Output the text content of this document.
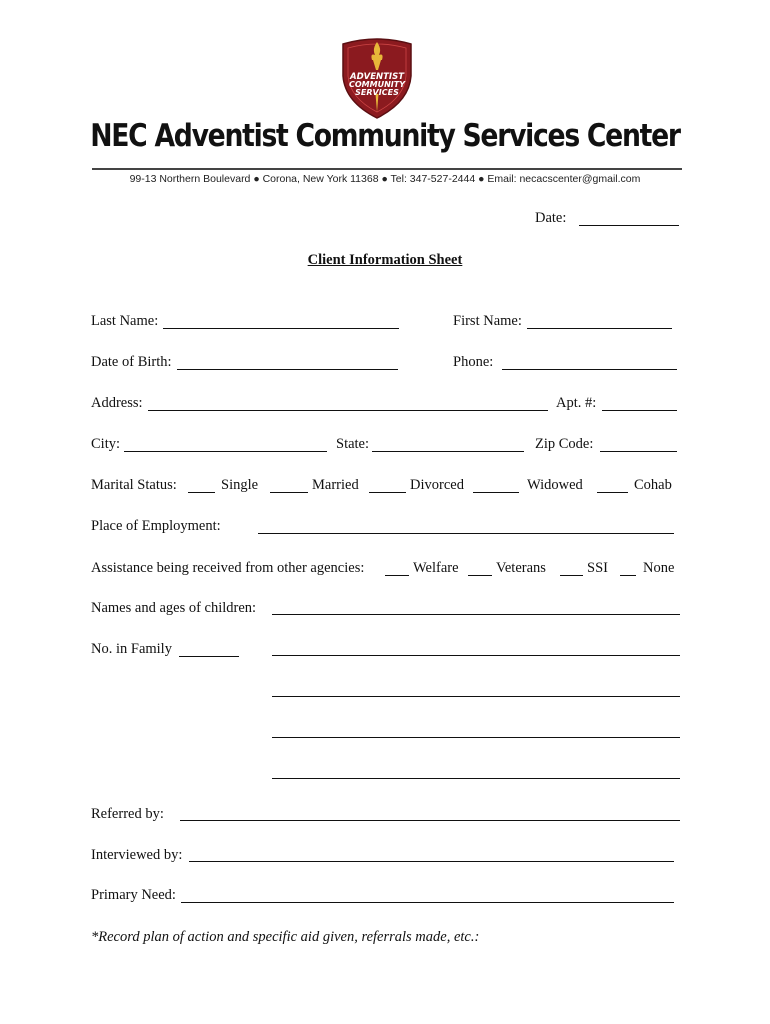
ADVENTIST
COMMUNITY
SERVICES
NEC Adventist Community Services Center
99-13 Northern Boulevard ● Corona, New York 11368 ● Tel: 347-527-2444 ● Email: necacscenter@gmail.com
Date:
Client Information Sheet
Last Name:	First Name:
Date of Birth:	Phone:
Address:	Apt. #:
City:	State:	Zip Code:
Marital Status:	Single	Married	Divorced	Widowed	Cohab
Place of Employment:
Assistance being received from other agencies:	Welfare	Veterans	SSI None
Names and ages of children:
No. in Family
Referred by:
Interviewed by:
Primary Need:
*Record plan of action and specific aid given, referrals made, etc.:
